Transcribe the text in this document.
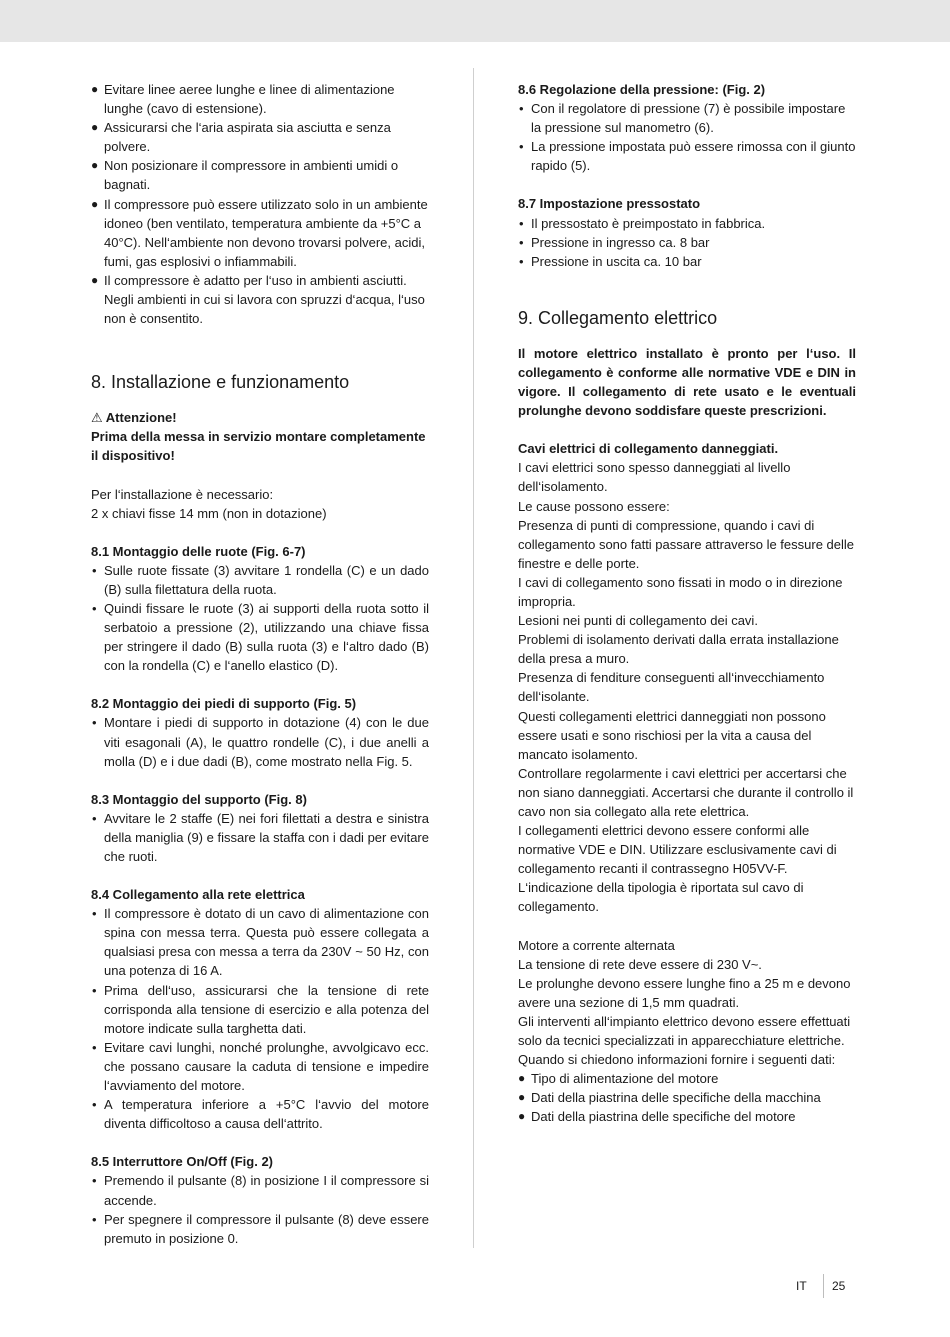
● Evitare linee aeree lunghe e linee di alimentazione lunghe (cavo di estensione).
● Assicurarsi che l‘aria aspirata sia asciutta e senza polvere.
● Non posizionare il compressore in ambienti umidi o bagnati.
● Il compressore può essere utilizzato solo in un ambiente idoneo (ben ventilato, temperatura ambiente da +5°C a 40°C). Nell‘ambiente non devono trovarsi polvere, acidi, fumi, gas esplosivi o infiammabili.
● Il compressore è adatto per l‘uso in ambienti asciutti. Negli ambienti in cui si lavora con spruzzi d‘acqua, l‘uso non è consentito.
8. Installazione e funzionamento

⚠ Attenzione!

Prima della messa in servizio montare completamente il dispositivo!

Per l‘installazione è necessario:

2 x chiavi fisse 14 mm (non in dotazione)

8.1 Montaggio delle ruote (Fig. 6-7)

• Sulle ruote fissate (3) avvitare 1 rondella (C) e un dado (B) sulla filettatura della ruota.
• Quindi fissare le ruote (3) ai supporti della ruota sotto il serbatoio a pressione (2), utilizzando una chiave fissa per stringere il dado (B) sulla ruota (3) e l‘altro dado (B) con la rondella (C) e l‘anello elastico (D).

8.2 Montaggio dei piedi di supporto (Fig. 5)

• Montare i piedi di supporto in dotazione (4) con le due viti esagonali (A), le quattro rondelle (C), i due anelli a molla (D) e i due dadi (B), come mostrato nella Fig. 5.

8.3 Montaggio del supporto (Fig. 8)

• Avvitare le 2 staffe (E) nei fori filettati a destra e sinistra della maniglia (9) e fissare la staffa con i dadi per evitare che ruoti.

8.4 Collegamento alla rete elettrica

• Il compressore è dotato di un cavo di alimentazione con spina con messa terra. Questa può essere collegata a qualsiasi presa con messa a terra da 230V ~ 50 Hz, con una potenza di 16 A.
• Prima dell‘uso, assicurarsi che la tensione di rete corrisponda alla tensione di esercizio e alla potenza del motore indicate sulla targhetta dati.
• Evitare cavi lunghi, nonché prolunghe, avvolgicavo ecc. che possano causare la caduta di tensione e impedire l‘avviamento del motore.
• A temperatura inferiore a +5°C l‘avvio del motore diventa difficoltoso a causa dell‘attrito.

8.5 Interruttore On/Off (Fig. 2)

• Premendo il pulsante (8) in posizione I il compressore si accende.
• Per spegnere il compressore il pulsante (8) deve essere premuto in posizione 0.

8.6 Regolazione della pressione: (Fig. 2)

• Con il regolatore di pressione (7) è possibile impostare la pressione sul manometro (6).
• La pressione impostata può essere rimossa con il giunto rapido (5).

8.7 Impostazione pressostato

• Il pressostato è preimpostato in fabbrica.
• Pressione in ingresso ca. 8 bar
• Pressione in uscita ca. 10 bar
9. Collegamento elettrico

Il motore elettrico installato è pronto per l‘uso. Il collegamento è conforme alle normative VDE e DIN in vigore. Il collegamento di rete usato e le eventuali prolunghe devono soddisfare queste prescrizioni.

Cavi elettrici di collegamento danneggiati.

I cavi elettrici sono spesso danneggiati al livello dell‘isolamento.

Le cause possono essere:

Presenza di punti di compressione, quando i cavi di collegamento sono fatti passare attraverso le fessure delle finestre e delle porte.

I cavi di collegamento sono fissati in modo o in direzione impropria.

Lesioni nei punti di collegamento dei cavi.

Problemi di isolamento derivati dalla errata installazione della presa a muro.

Presenza di fenditure conseguenti all‘invecchiamento dell‘isolante.

Questi collegamenti elettrici danneggiati non possono essere usati e sono rischiosi per la vita a causa del mancato isolamento.

Controllare regolarmente i cavi elettrici per accertarsi che non siano danneggiati. Accertarsi che durante il controllo il cavo non sia collegato alla rete elettrica.

I collegamenti elettrici devono essere conformi alle normative VDE e DIN. Utilizzare esclusivamente cavi di collegamento recanti il contrassegno H05VV-F.

L‘indicazione della tipologia è riportata sul cavo di collegamento.

Motore a corrente alternata

La tensione di rete deve essere di 230 V~.

Le prolunghe devono essere lunghe fino a 25 m e devono avere una sezione di 1,5 mm quadrati.

Gli interventi all‘impianto elettrico devono essere effettuati solo da tecnici specializzati in apparecchiature elettriche.

Quando si chiedono informazioni fornire i seguenti dati:

● Tipo di alimentazione del motore
● Dati della piastrina delle specifiche della macchina
● Dati della piastrina delle specifiche del motore
IT 25
